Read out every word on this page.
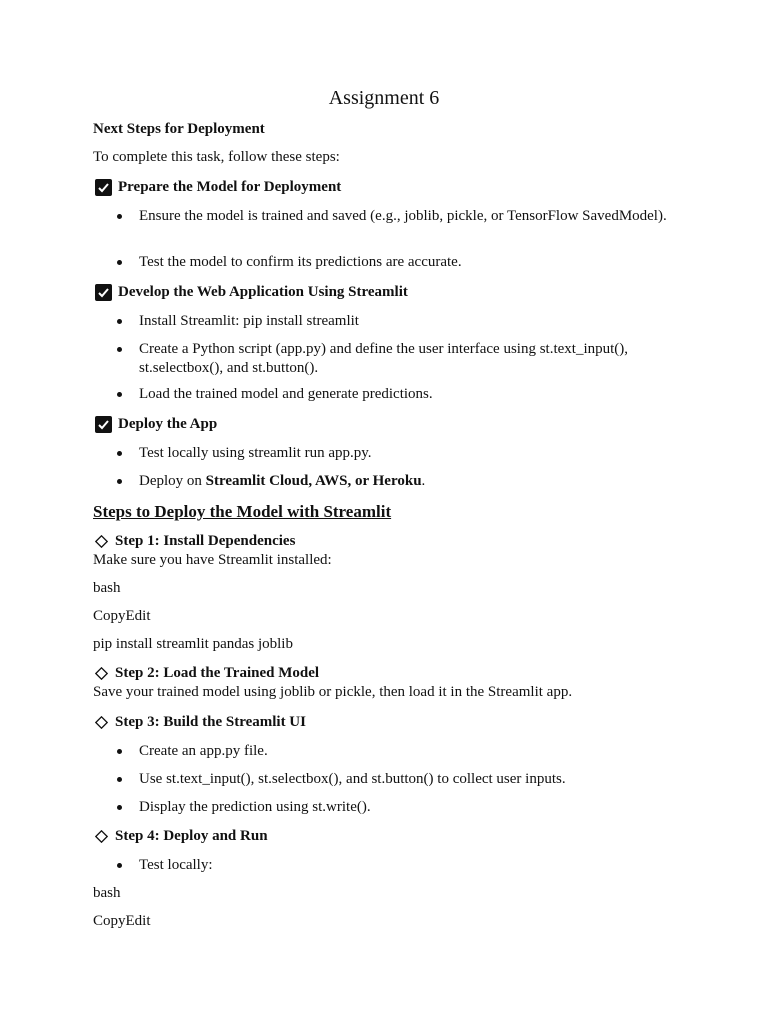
Assignment 6
Next Steps for Deployment
To complete this task, follow these steps:
Prepare the Model for Deployment
Ensure the model is trained and saved (e.g., joblib, pickle, or TensorFlow SavedModel).
Test the model to confirm its predictions are accurate.
Develop the Web Application Using Streamlit
Install Streamlit: pip install streamlit
Create a Python script (app.py) and define the user interface using st.text_input(), st.selectbox(), and st.button().
Load the trained model and generate predictions.
Deploy the App
Test locally using streamlit run app.py.
Deploy on Streamlit Cloud, AWS, or Heroku.
Steps to Deploy the Model with Streamlit
Step 1: Install Dependencies
Make sure you have Streamlit installed:
bash
CopyEdit
pip install streamlit pandas joblib
Step 2: Load the Trained Model
Save your trained model using joblib or pickle, then load it in the Streamlit app.
Step 3: Build the Streamlit UI
Create an app.py file.
Use st.text_input(), st.selectbox(), and st.button() to collect user inputs.
Display the prediction using st.write().
Step 4: Deploy and Run
Test locally:
bash
CopyEdit
